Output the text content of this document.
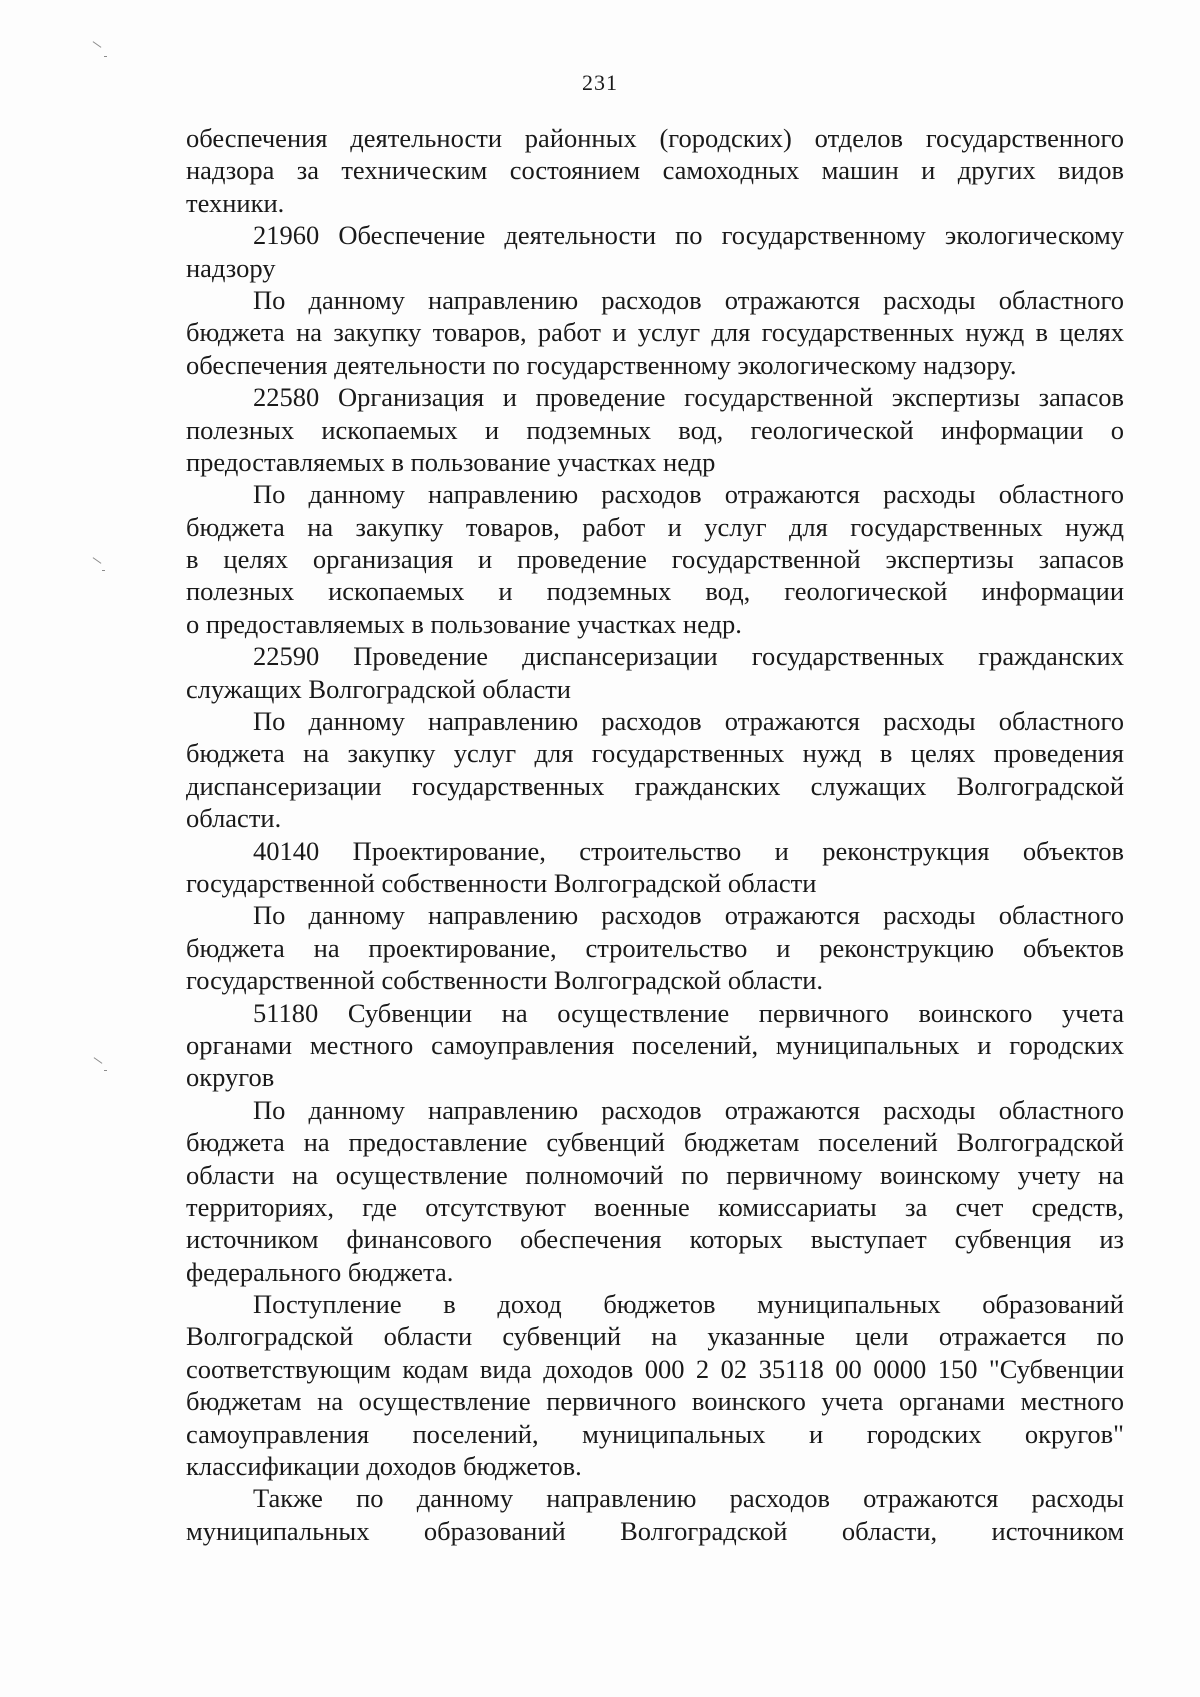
231
обеспечения деятельности районных (городских) отделов государственного
надзора за техническим состоянием самоходных машин и других видов
техники.
21960 Обеспечение деятельности по государственному экологическому
надзору
По данному направлению расходов отражаются расходы областного
бюджета на закупку товаров, работ и услуг для государственных нужд в целях
обеспечения деятельности по государственному экологическому надзору.
22580 Организация и проведение государственной экспертизы запасов
полезных ископаемых и подземных вод, геологической информации о
предоставляемых в пользование участках недр
По данному направлению расходов отражаются расходы областного
бюджета на закупку товаров, работ и услуг для государственных нужд
в целях организация и проведение государственной экспертизы запасов
полезных ископаемых и подземных вод, геологической информации
о предоставляемых в пользование участках недр.
22590 Проведение диспансеризации государственных гражданских
служащих Волгоградской области
По данному направлению расходов отражаются расходы областного
бюджета на закупку услуг для государственных нужд в целях проведения
диспансеризации государственных гражданских служащих Волгоградской
области.
40140 Проектирование, строительство и реконструкция объектов
государственной собственности Волгоградской области
По данному направлению расходов отражаются расходы областного
бюджета на проектирование, строительство и реконструкцию объектов
государственной собственности Волгоградской области.
51180 Субвенции на осуществление первичного воинского учета
органами местного самоуправления поселений, муниципальных и городских
округов
По данному направлению расходов отражаются расходы областного
бюджета на предоставление субвенций бюджетам поселений Волгоградской
области на осуществление полномочий по первичному воинскому учету на
территориях, где отсутствуют военные комиссариаты за счет средств,
источником финансового обеспечения которых выступает субвенция из
федерального бюджета.
Поступление в доход бюджетов муниципальных образований
Волгоградской области субвенций на указанные цели отражается по
соответствующим кодам вида доходов 000 2 02 35118 00 0000 150 "Субвенции
бюджетам на осуществление первичного воинского учета органами местного
самоуправления поселений, муниципальных и городских округов"
классификации доходов бюджетов.
Также по данному направлению расходов отражаются расходы
муниципальных образований Волгоградской области, источником
